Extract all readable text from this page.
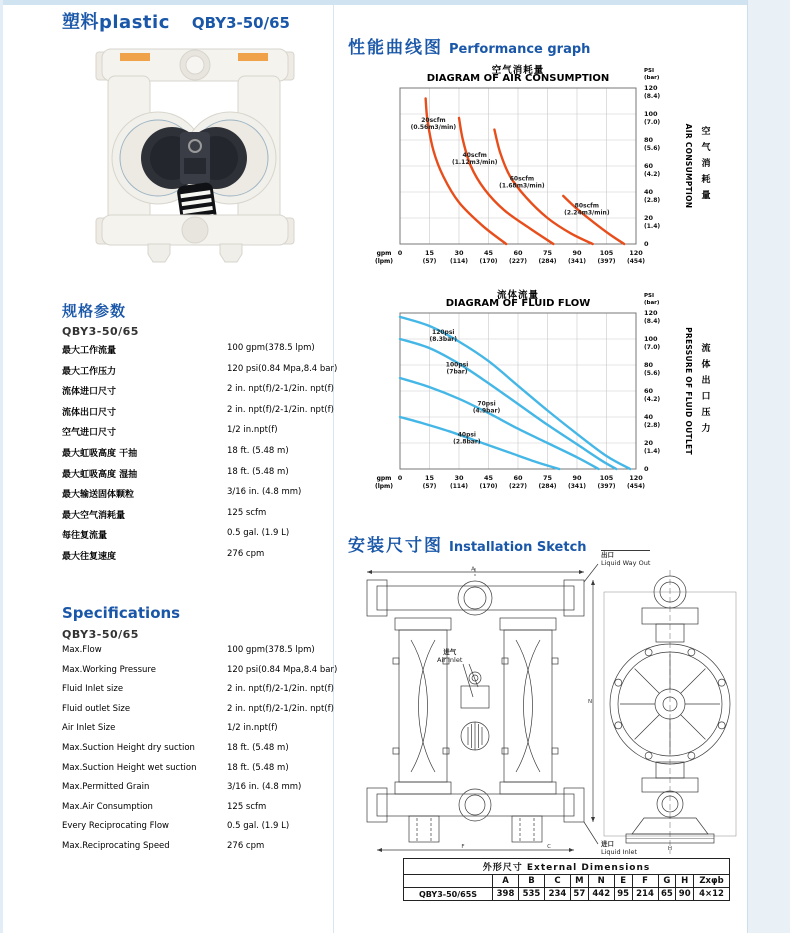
塑料plastic QBY3-50/65
规格参数
QBY3-50/65
最大工作流量	100 gpm(378.5 lpm)
最大工作压力	120 psi(0.84 Mpa,8.4 bar)
流体进口尺寸	2 in. npt(f)/2-1/2in. npt(f)
流体出口尺寸	2 in. npt(f)/2-1/2in. npt(f)
空气进口尺寸	1/2 in.npt(f)
最大虹吸高度 干抽	18 ft. (5.48 m)
最大虹吸高度 湿抽	18 ft. (5.48 m)
最大输送固体颗粒	3/16 in. (4.8 mm)
最大空气消耗量	125 scfm
每往复流量	0.5 gal. (1.9 L)
最大往复速度	276 cpm
Specifications
QBY3-50/65
Max.Flow	100 gpm(378.5 lpm)
Max.Working Pressure	120 psi(0.84 Mpa,8.4 bar)
Fluid Inlet size	2 in. npt(f)/2-1/2in. npt(f)
Fluid outlet Size	2 in. npt(f)/2-1/2in. npt(f)
Air Inlet Size	1/2 in.npt(f)
Max.Suction Height dry suction	18 ft. (5.48 m)
Max.Suction Height wet suction	18 ft. (5.48 m)
Max.Permitted Grain	3/16 in. (4.8 mm)
Max.Air Consumption	125 scfm
Every Reciprocating Flow	0.5 gal. (1.9 L)
Max.Reciprocating Speed	276 cpm
性能曲线图 Performance graph
空气消耗量
DIAGRAM OF AIR CONSUMPTION
20scfm
(0.56m3/min)
40scfm
(1.12m3/min)
60scfm
(1.68m3/min)
80scfm
(2.24m3/min)
0	15
(57)
30
(114)
45
(170)
60
(227)
75
(284)
90
(341)
105
(397)
120
(454)
gpm
(lpm)
0
20
(1.4)
40
(2.8)
60
(4.2)
80
(5.6)
100
(7.0)
120
(8.4)
PSI
(bar)
AIR CONSUMPTION 空
气
消
耗
量
流体流量
DIAGRAM OF FLUID FLOW
120psi
(8.3bar)
100psi
(7bar)
70psi
(4.9bar)
40psi
(2.8bar)
0	15
(57)
30
(114)
45
(170)
60
(227)
75
(284)
90
(341)
105
(397)
120
(454)
gpm
(lpm)
0
20
(1.4)
40
(2.8)
60
(4.2)
80
(5.6)
100
(7.0)
120
(8.4)
PSI
(bar)
PRESSURE OF FLUID OUTLET 流
体
出
口
压
力
安装尺寸图 Installation Sketch
A
F	C
N
H
出口
Liquid Way Out
进气
Air Inlet
进口
Liquid Inlet
外形尺寸 External Dimensions										
	A	B	C	M	N	E	F	G	H	Zxφb
QBY3-50/65S	398	535	234	57	442	95	214	65	90	4×12
